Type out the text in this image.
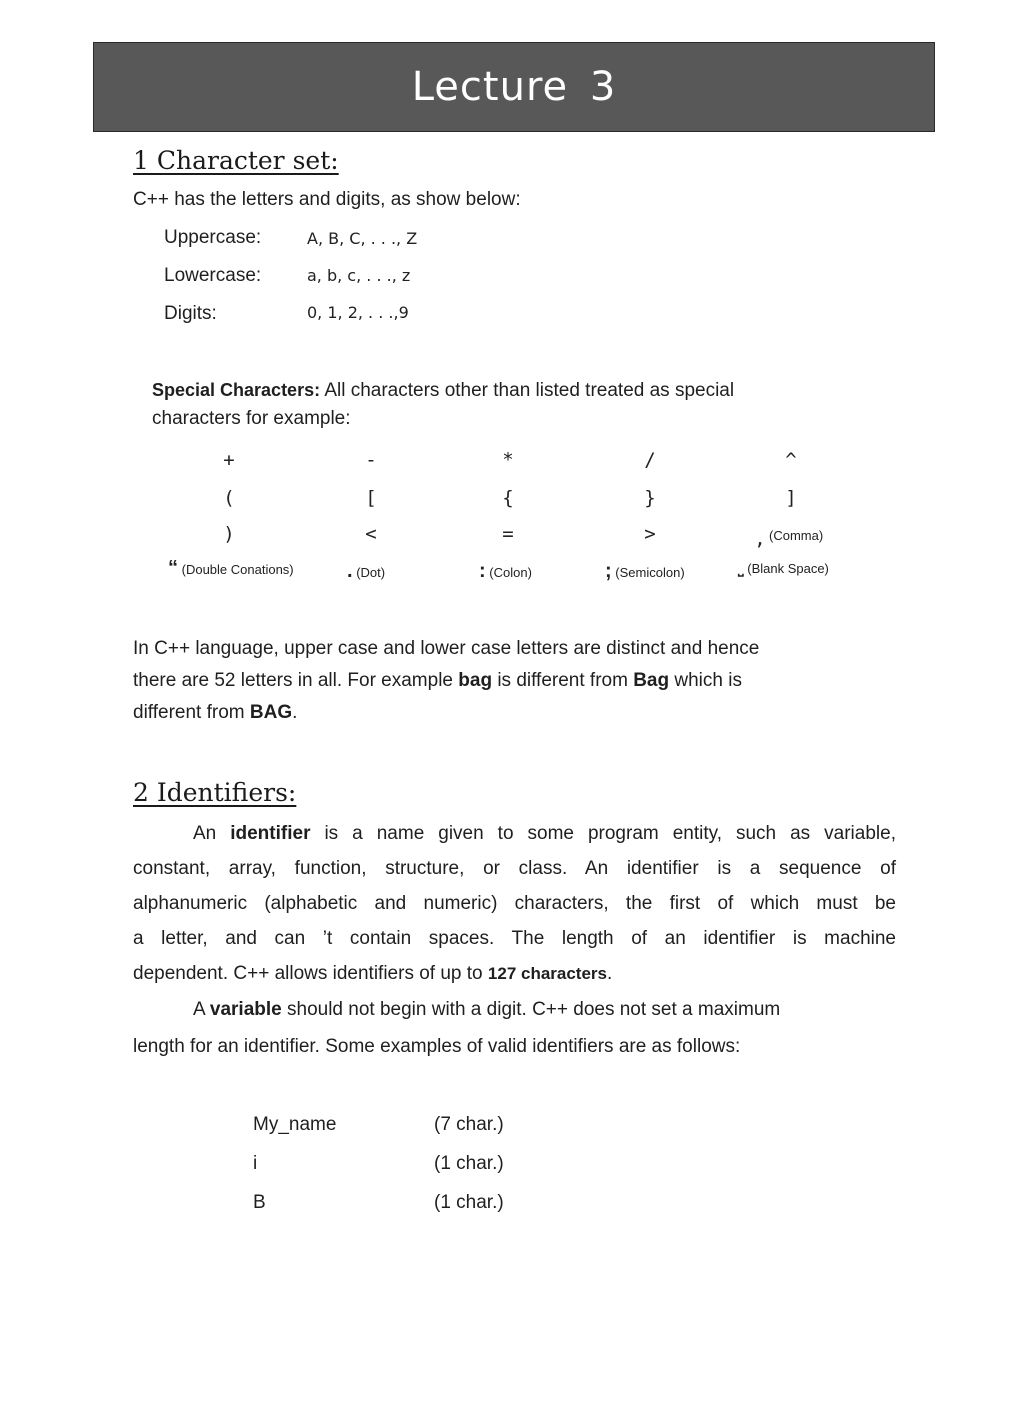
Lecture 3
1 Character set:
C++ has the letters and digits, as show below:
Uppercase:	A, B, C, . . ., Z
Lowercase:	a, b, c, . . ., z
Digits:	0, 1, 2, . . .,9
Special Characters: All characters other than listed treated as special
characters for example:
+	-	*	/	^
(	[	{	}	]
)	<	=	>	, (Comma)
“ (Double Conations)	. (Dot)	: (Colon)	; (Semicolon)	⎵ (Blank Space)
In C++ language, upper case and lower case letters are distinct and hence
there are 52 letters in all. For example bag is different from Bag which is
different from BAG.
2 Identifiers:
An identifier is a name given to some program entity, such as variable,
constant, array, function, structure, or class. An identifier is a sequence of
alphanumeric (alphabetic and numeric) characters, the first of which must be
a letter, and can ’t contain spaces. The length of an identifier is machine
dependent. C++ allows identifiers of up to 127 characters.
A variable should not begin with a digit. C++ does not set a maximum
length for an identifier. Some examples of valid identifiers are as follows:
My_name	(7 char.)
i	(1 char.)
B	(1 char.)
